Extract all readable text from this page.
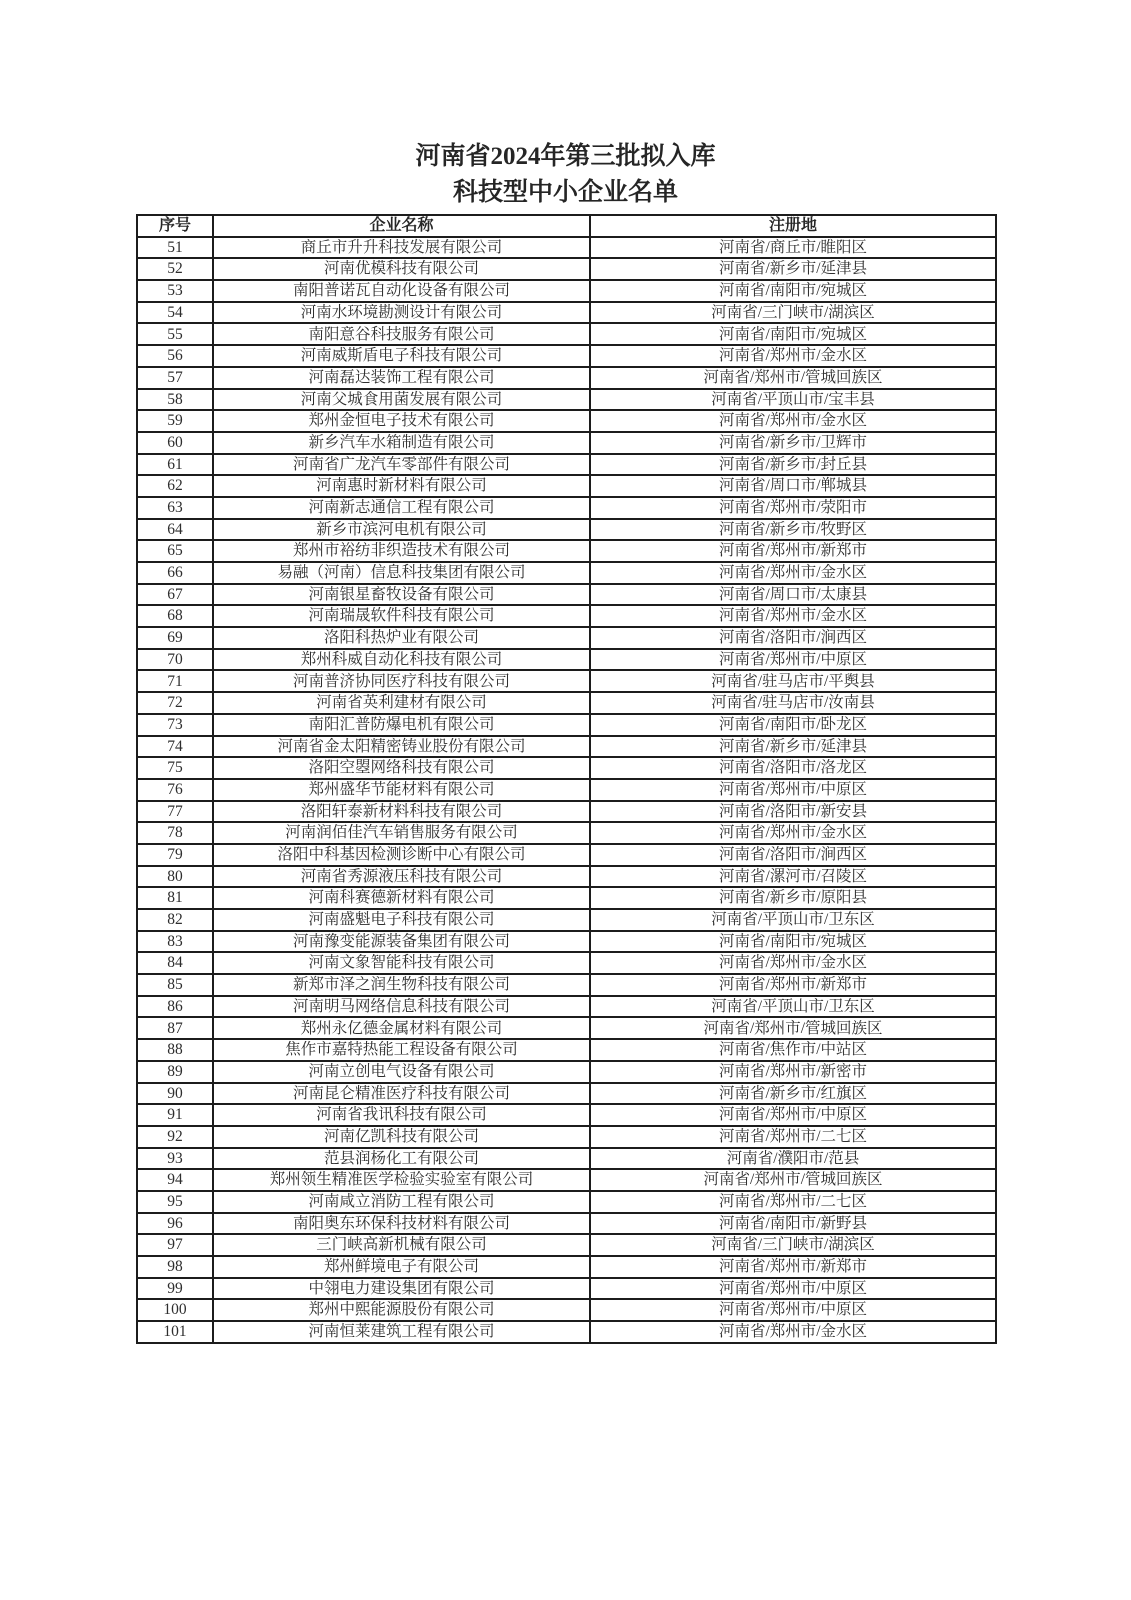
河南省2024年第三批拟入库
科技型中小企业名单
序号	企业名称	注册地
51	商丘市升升科技发展有限公司	河南省/商丘市/睢阳区
52	河南优模科技有限公司	河南省/新乡市/延津县
53	南阳普诺瓦自动化设备有限公司	河南省/南阳市/宛城区
54	河南水环境勘测设计有限公司	河南省/三门峡市/湖滨区
55	南阳意谷科技服务有限公司	河南省/南阳市/宛城区
56	河南威斯盾电子科技有限公司	河南省/郑州市/金水区
57	河南磊达装饰工程有限公司	河南省/郑州市/管城回族区
58	河南父城食用菌发展有限公司	河南省/平顶山市/宝丰县
59	郑州金恒电子技术有限公司	河南省/郑州市/金水区
60	新乡汽车水箱制造有限公司	河南省/新乡市/卫辉市
61	河南省广龙汽车零部件有限公司	河南省/新乡市/封丘县
62	河南惠时新材料有限公司	河南省/周口市/郸城县
63	河南新志通信工程有限公司	河南省/郑州市/荥阳市
64	新乡市滨河电机有限公司	河南省/新乡市/牧野区
65	郑州市裕纺非织造技术有限公司	河南省/郑州市/新郑市
66	易融（河南）信息科技集团有限公司	河南省/郑州市/金水区
67	河南银星畜牧设备有限公司	河南省/周口市/太康县
68	河南瑞晟软件科技有限公司	河南省/郑州市/金水区
69	洛阳科热炉业有限公司	河南省/洛阳市/涧西区
70	郑州科威自动化科技有限公司	河南省/郑州市/中原区
71	河南普济协同医疗科技有限公司	河南省/驻马店市/平舆县
72	河南省英利建材有限公司	河南省/驻马店市/汝南县
73	南阳汇普防爆电机有限公司	河南省/南阳市/卧龙区
74	河南省金太阳精密铸业股份有限公司	河南省/新乡市/延津县
75	洛阳空曌网络科技有限公司	河南省/洛阳市/洛龙区
76	郑州盛华节能材料有限公司	河南省/郑州市/中原区
77	洛阳轩泰新材料科技有限公司	河南省/洛阳市/新安县
78	河南润佰佳汽车销售服务有限公司	河南省/郑州市/金水区
79	洛阳中科基因检测诊断中心有限公司	河南省/洛阳市/涧西区
80	河南省秀源液压科技有限公司	河南省/漯河市/召陵区
81	河南科赛德新材料有限公司	河南省/新乡市/原阳县
82	河南盛魁电子科技有限公司	河南省/平顶山市/卫东区
83	河南豫变能源装备集团有限公司	河南省/南阳市/宛城区
84	河南文象智能科技有限公司	河南省/郑州市/金水区
85	新郑市泽之润生物科技有限公司	河南省/郑州市/新郑市
86	河南明马网络信息科技有限公司	河南省/平顶山市/卫东区
87	郑州永亿德金属材料有限公司	河南省/郑州市/管城回族区
88	焦作市嘉特热能工程设备有限公司	河南省/焦作市/中站区
89	河南立创电气设备有限公司	河南省/郑州市/新密市
90	河南昆仑精准医疗科技有限公司	河南省/新乡市/红旗区
91	河南省我讯科技有限公司	河南省/郑州市/中原区
92	河南亿凯科技有限公司	河南省/郑州市/二七区
93	范县润杨化工有限公司	河南省/濮阳市/范县
94	郑州领生精准医学检验实验室有限公司	河南省/郑州市/管城回族区
95	河南咸立消防工程有限公司	河南省/郑州市/二七区
96	南阳奥东环保科技材料有限公司	河南省/南阳市/新野县
97	三门峡高新机械有限公司	河南省/三门峡市/湖滨区
98	郑州鲜境电子有限公司	河南省/郑州市/新郑市
99	中翎电力建设集团有限公司	河南省/郑州市/中原区
100	郑州中熙能源股份有限公司	河南省/郑州市/中原区
101	河南恒莱建筑工程有限公司	河南省/郑州市/金水区
